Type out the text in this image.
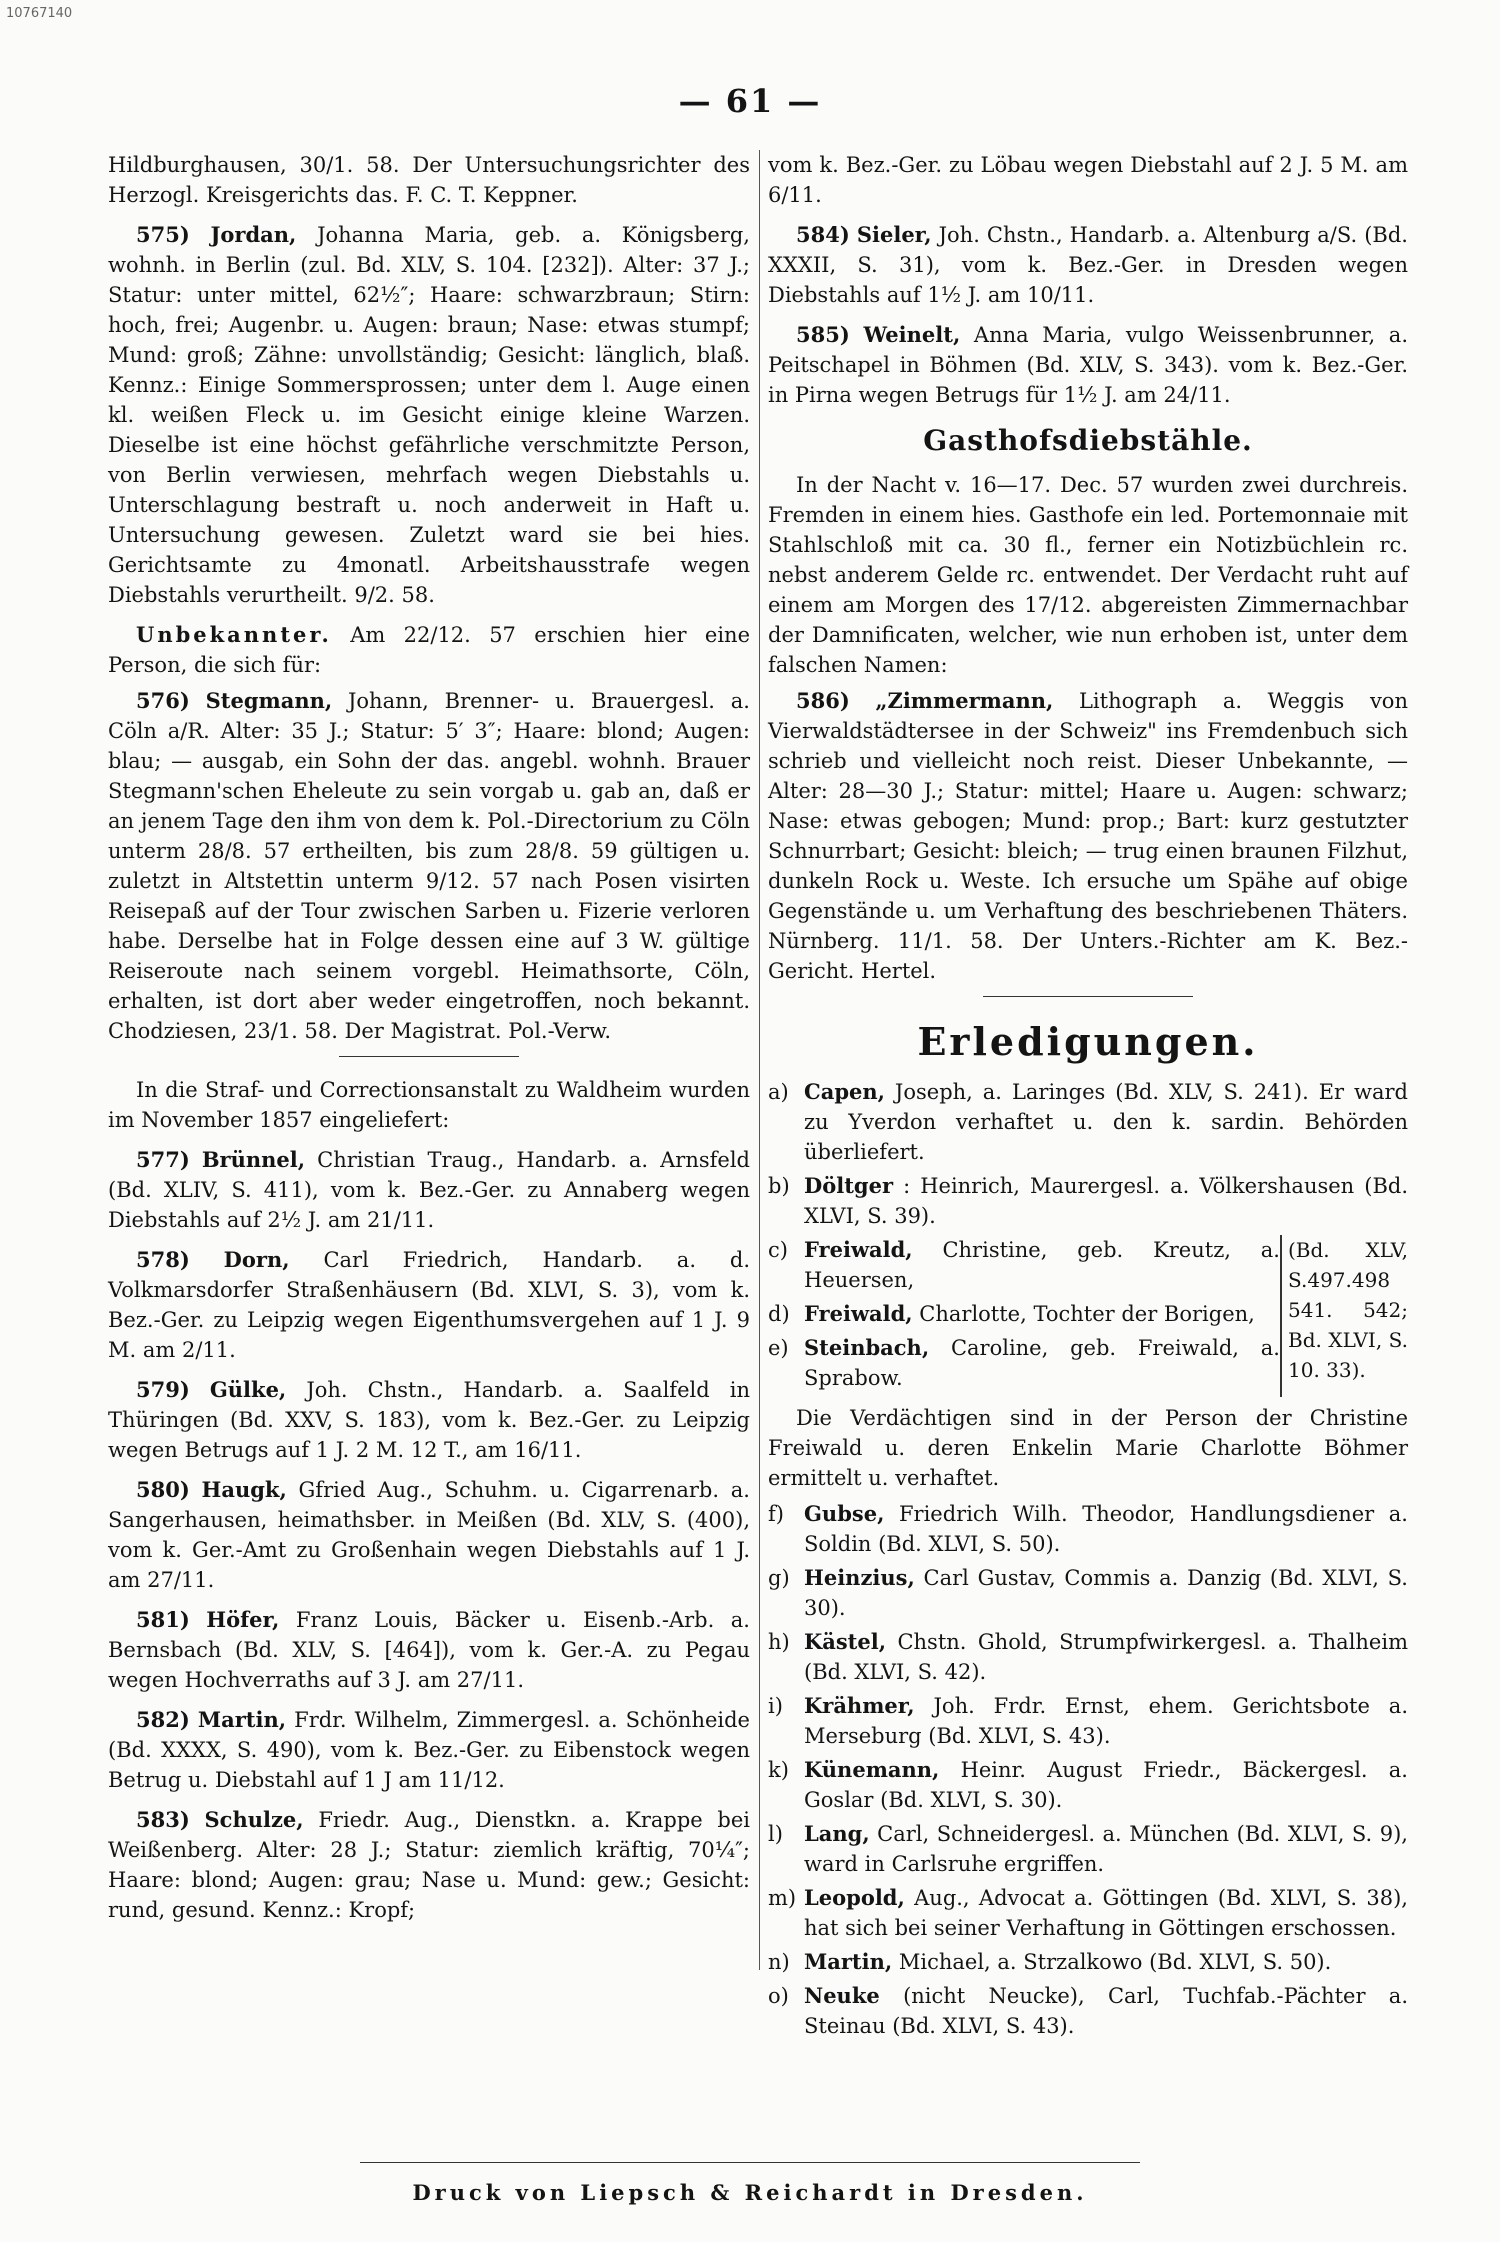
10767140
— 61 —

Hildburghausen, 30/1. 58. Der Untersuchungsrichter des Herzogl. Kreisgerichts das. F. C. T. Keppner.

575) Jordan, Johanna Maria, geb. a. Königsberg, wohnh. in Berlin (zul. Bd. XLV, S. 104. [232]). Alter: 37 J.; Statur: unter mittel, 62½″; Haare: schwarzbraun; Stirn: hoch, frei; Augenbr. u. Augen: braun; Nase: etwas stumpf; Mund: groß; Zähne: unvollständig; Gesicht: länglich, blaß. Kennz.: Einige Sommersprossen; unter dem l. Auge einen kl. weißen Fleck u. im Gesicht einige kleine Warzen. Dieselbe ist eine höchst gefährliche verschmitzte Person, von Berlin verwiesen, mehrfach wegen Diebstahls u. Unterschlagung bestraft u. noch anderweit in Haft u. Untersuchung gewesen. Zuletzt ward sie bei hies. Gerichtsamte zu 4monatl. Arbeitshausstrafe wegen Diebstahls verurtheilt. 9/2. 58.

Unbekannter. Am 22/12. 57 erschien hier eine Person, die sich für:

576) Stegmann, Johann, Brenner- u. Brauergesl. a. Cöln a/R. Alter: 35 J.; Statur: 5′ 3″; Haare: blond; Augen: blau; — ausgab, ein Sohn der das. angebl. wohnh. Brauer Stegmann'schen Eheleute zu sein vorgab u. gab an, daß er an jenem Tage den ihm von dem k. Pol.-Directorium zu Cöln unterm 28/8. 57 ertheilten, bis zum 28/8. 59 gültigen u. zuletzt in Altstettin unterm 9/12. 57 nach Posen visirten Reisepaß auf der Tour zwischen Sarben u. Fizerie verloren habe. Derselbe hat in Folge dessen eine auf 3 W. gültige Reiseroute nach seinem vorgebl. Heimathsorte, Cöln, erhalten, ist dort aber weder eingetroffen, noch bekannt. Chodziesen, 23/1. 58. Der Magistrat. Pol.-Verw.

In die Straf- und Correctionsanstalt zu Waldheim wurden im November 1857 eingeliefert:

577) Brünnel, Christian Traug., Handarb. a. Arnsfeld (Bd. XLIV, S. 411), vom k. Bez.-Ger. zu Annaberg wegen Diebstahls auf 2½ J. am 21/11.

578) Dorn, Carl Friedrich, Handarb. a. d. Volkmarsdorfer Straßenhäusern (Bd. XLVI, S. 3), vom k. Bez.-Ger. zu Leipzig wegen Eigenthumsvergehen auf 1 J. 9 M. am 2/11.

579) Gülke, Joh. Chstn., Handarb. a. Saalfeld in Thüringen (Bd. XXV, S. 183), vom k. Bez.-Ger. zu Leipzig wegen Betrugs auf 1 J. 2 M. 12 T., am 16/11.

580) Haugk, Gfried Aug., Schuhm. u. Cigarrenarb. a. Sangerhausen, heimathsber. in Meißen (Bd. XLV, S. (400), vom k. Ger.-Amt zu Großenhain wegen Diebstahls auf 1 J. am 27/11.

581) Höfer, Franz Louis, Bäcker u. Eisenb.-Arb. a. Bernsbach (Bd. XLV, S. [464]), vom k. Ger.-A. zu Pegau wegen Hochverraths auf 3 J. am 27/11.

582) Martin, Frdr. Wilhelm, Zimmergesl. a. Schönheide (Bd. XXXX, S. 490), vom k. Bez.-Ger. zu Eibenstock wegen Betrug u. Diebstahl auf 1 J am 11/12.

583) Schulze, Friedr. Aug., Dienstkn. a. Krappe bei Weißenberg. Alter: 28 J.; Statur: ziemlich kräftig, 70¼″; Haare: blond; Augen: grau; Nase u. Mund: gew.; Gesicht: rund, gesund. Kennz.: Kropf;

vom k. Bez.-Ger. zu Löbau wegen Diebstahl auf 2 J. 5 M. am 6/11.

584) Sieler, Joh. Chstn., Handarb. a. Altenburg a/S. (Bd. XXXII, S. 31), vom k. Bez.-Ger. in Dresden wegen Diebstahls auf 1½ J. am 10/11.

585) Weinelt, Anna Maria, vulgo Weissenbrunner, a. Peitschapel in Böhmen (Bd. XLV, S. 343). vom k. Bez.-Ger. in Pirna wegen Betrugs für 1½ J. am 24/11.

Gasthofsdiebstähle.

In der Nacht v. 16—17. Dec. 57 wurden zwei durchreis. Fremden in einem hies. Gasthofe ein led. Portemonnaie mit Stahlschloß mit ca. 30 fl., ferner ein Notizbüchlein rc. nebst anderem Gelde rc. entwendet. Der Verdacht ruht auf einem am Morgen des 17/12. abgereisten Zimmernachbar der Damnificaten, welcher, wie nun erhoben ist, unter dem falschen Namen:

586) „Zimmermann, Lithograph a. Weggis von Vierwaldstädtersee in der Schweiz" ins Fremdenbuch sich schrieb und vielleicht noch reist. Dieser Unbekannte, — Alter: 28—30 J.; Statur: mittel; Haare u. Augen: schwarz; Nase: etwas gebogen; Mund: prop.; Bart: kurz gestutzter Schnurrbart; Gesicht: bleich; — trug einen braunen Filzhut, dunkeln Rock u. Weste. Ich ersuche um Spähe auf obige Gegenstände u. um Verhaftung des beschriebenen Thäters. Nürnberg. 11/1. 58. Der Unters.-Richter am K. Bez.-Gericht. Hertel.

Erledigungen.
a) Capen, Joseph, a. Laringes (Bd. XLV, S. 241). Er ward zu Yverdon verhaftet u. den k. sardin. Behörden überliefert.
b) Döltger : Heinrich, Maurergesl. a. Völkershausen (Bd. XLVI, S. 39).
c) Freiwald, Christine, geb. Kreutz, a. Heuersen,
d) Freiwald, Charlotte, Tochter der Borigen,
e) Steinbach, Caroline, geb. Freiwald, a. Sprabow.
(Bd. XLV, S.497.498 541. 542; Bd. XLVI, S. 10. 33).

Die Verdächtigen sind in der Person der Christine Freiwald u. deren Enkelin Marie Charlotte Böhmer ermittelt u. verhaftet.

f) Gubse, Friedrich Wilh. Theodor, Handlungsdiener a. Soldin (Bd. XLVI, S. 50).
g) Heinzius, Carl Gustav, Commis a. Danzig (Bd. XLVI, S. 30).
h) Kästel, Chstn. Ghold, Strumpfwirkergesl. a. Thalheim (Bd. XLVI, S. 42).
i)	Krähmer, Joh. Frdr. Ernst, ehem. Gerichtsbote a. Merseburg (Bd. XLVI, S. 43).
k) Künemann, Heinr. August Friedr., Bäckergesl. a. Goslar (Bd. XLVI, S. 30).
l)	Lang, Carl, Schneidergesl. a. München (Bd. XLVI, S. 9), ward in Carlsruhe ergriffen.
m) Leopold, Aug., Advocat a. Göttingen (Bd. XLVI, S. 38), hat sich bei seiner Verhaftung in Göttingen erschossen.
n) Martin, Michael, a. Strzalkowo (Bd. XLVI, S. 50).
o) Neuke (nicht Neucke), Carl, Tuchfab.-Pächter a. Steinau (Bd. XLVI, S. 43).
Druck von Liepsch & Reichardt in Dresden.
